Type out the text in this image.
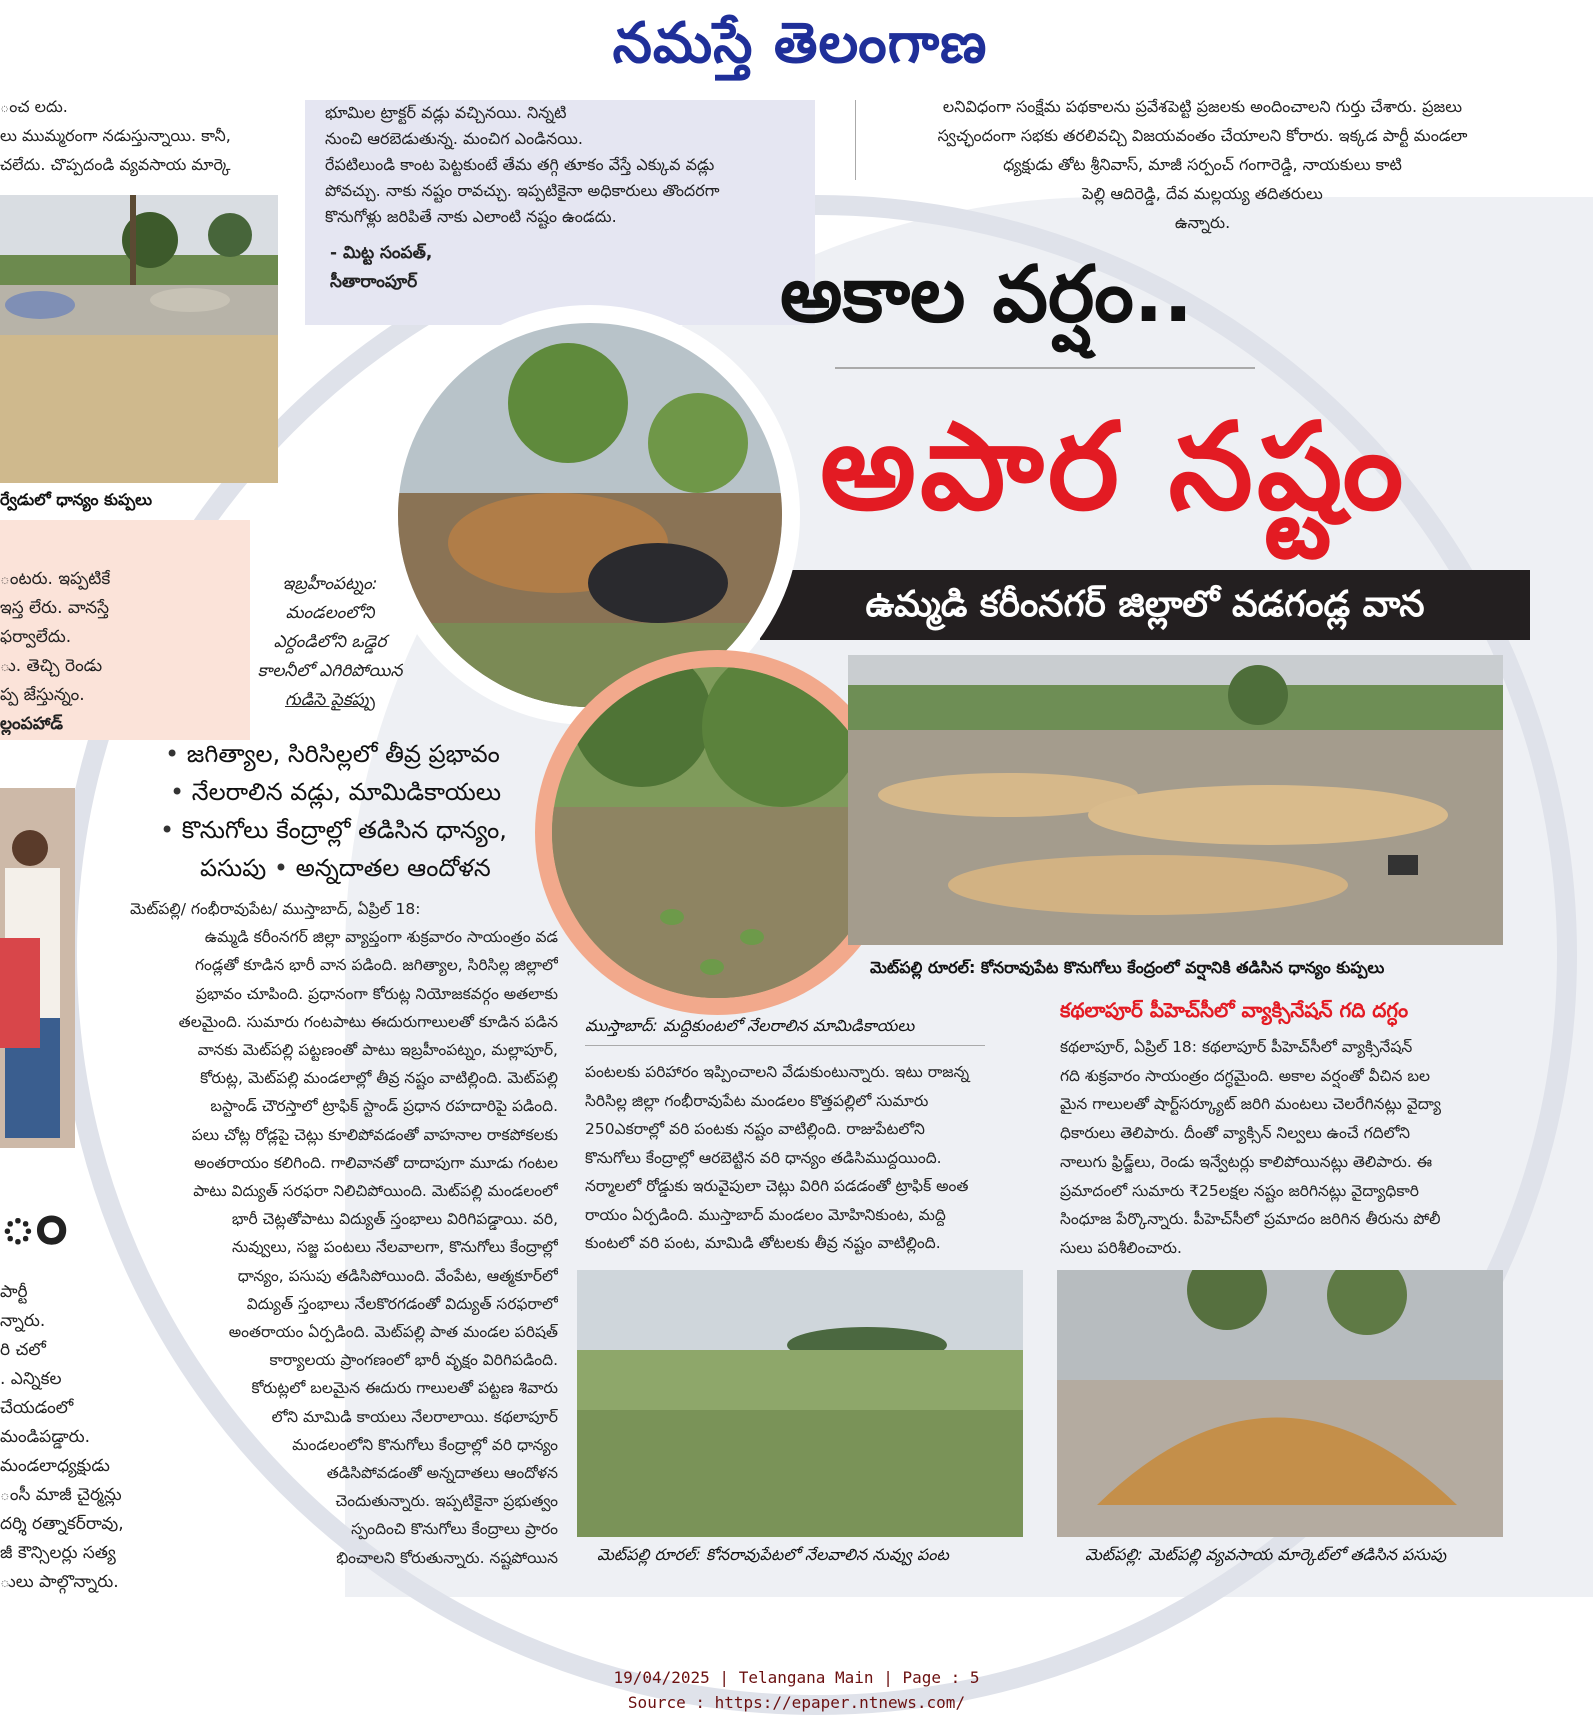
నమస్తే తెలంగాణ

ంచ లదు.

లు ముమ్మరంగా నడుస్తున్నాయి. కానీ,

చలేదు. చొప్పదండి వ్యవసాయ మార్కె

ర్వేడులో ధాన్యం కుప్పలు

ంటరు. ఇప్పటికే

ఇస్త లేరు. వానస్తే

ఫర్వాలేదు.

ు. తెచ్చి రెండు

ప్ప జేస్తున్నం.

ల్లంపహాడ్

ం

పార్టీ

న్నారు.

రి చలో

. ఎన్నికల

చేయడంలో

మండిపడ్డారు.

మండలాధ్యక్షుడు

ంసీ మాజీ చైర్మన్లు

దర్శి రత్నాకర్‌రావు,

జీ కౌన్సిలర్లు సత్య

ులు పాల్గొన్నారు.

భూమిల ట్రాక్టర్ వడ్లు వచ్చినయి. నిన్నటి

నుంచి ఆరబెడుతున్న. మంచిగ ఎండినయి.

రేపటిలుండి కాంట పెట్టకుంటే తేమ తగ్గి తూకం వేస్తే ఎక్కువ వడ్లు

పోవచ్చు. నాకు నష్టం రావచ్చు. ఇప్పటికైనా అధికారులు తొందరగా

కొనుగోళ్లు జరిపితే నాకు ఎలాంటి నష్టం ఉండదు.

- మిట్ట సంపత్,
సీతారాంపూర్

లనివిధంగా సంక్షేమ పథకాలను ప్రవేశపెట్టి ప్రజలకు అందించాలని గుర్తు చేశారు. ప్రజలు

స్వచ్ఛందంగా సభకు తరలివచ్చి విజయవంతం చేయాలని కోరారు. ఇక్కడ పార్టీ మండలా

ధ్యక్షుడు తోట శ్రీనివాస్, మాజీ సర్పంచ్ గంగారెడ్డి, నాయకులు కాటి

పెల్లి ఆదిరెడ్డి, దేవ మల్లయ్య తదితరులు

ఉన్నారు.

అకాల వర్షం..
అపార నష్టం
ఉమ్మడి కరీంనగర్ జిల్లాలో వడగండ్ల వాన
ఇబ్రహీంపట్నం:
మండలంలోని
ఎర్దండిలోని ఒడ్డెర
కాలనీలో ఎగిరిపోయిన
గుడిసె పైకప్పు
• జగిత్యాల, సిరిసిల్లలో తీవ్ర ప్రభావం
• నేలరాలిన వడ్లు, మామిడికాయలు
• కొనుగోలు కేంద్రాల్లో తడిసిన ధాన్యం,
పసుపు • అన్నదాతల ఆందోళన

మెట్‌పల్లి/ గంభీరావుపేట/ ముస్తాబాద్, ఏప్రిల్ 18:

ఉమ్మడి కరీంనగర్ జిల్లా వ్యాప్తంగా శుక్రవారం సాయంత్రం వడ

గండ్లతో కూడిన భారీ వాన పడింది. జగిత్యాల, సిరిసిల్ల జిల్లాలో

ప్రభావం చూపింది. ప్రధానంగా కోరుట్ల నియోజకవర్గం అతలాకు

తలమైంది. సుమారు గంటపాటు ఈదురుగాలులతో కూడిన పడిన

వానకు మెట్‌పల్లి పట్టణంతో పాటు ఇబ్రహీంపట్నం, మల్లాపూర్,

కోరుట్ల, మెట్‌పల్లి మండలాల్లో తీవ్ర నష్టం వాటిల్లింది. మెట్‌పల్లి

బస్టాండ్ చౌరస్తాలో ట్రాఫిక్ స్టాండ్ ప్రధాన రహదారిపై పడింది.

పలు చోట్ల రోడ్లపై చెట్లు కూలిపోవడంతో వాహనాల రాకపోకలకు

అంతరాయం కలిగింది. గాలివానతో దాదాపుగా మూడు గంటల

పాటు విద్యుత్ సరఫరా నిలిచిపోయింది. మెట్‌పల్లి మండలంలో

భారీ చెట్లతోపాటు విద్యుత్ స్తంభాలు విరిగిపడ్డాయి. వరి,

నువ్వులు, సజ్జ పంటలు నేలవాలగా, కొనుగోలు కేంద్రాల్లో

ధాన్యం, పసుపు తడిసిపోయింది. వేంపేట, ఆత్మకూర్‌లో

విద్యుత్ స్తంభాలు నేలకొరగడంతో విద్యుత్ సరఫరాలో

అంతరాయం ఏర్పడింది. మెట్‌పల్లి పాత మండల పరిషత్

కార్యాలయ ప్రాంగణంలో భారీ వృక్షం విరిగిపడింది.

కోరుట్లలో బలమైన ఈదురు గాలులతో పట్టణ శివారు

లోని మామిడి కాయలు నేలరాలాయి. కథలాపూర్

మండలంలోని కొనుగోలు కేంద్రాల్లో వరి ధాన్యం

తడిసిపోవడంతో అన్నదాతలు ఆందోళన

చెందుతున్నారు. ఇప్పటికైనా ప్రభుత్వం

స్పందించి కొనుగోలు కేంద్రాలు ప్రారం

భించాలని కోరుతున్నారు. నష్టపోయిన

ముస్తాబాద్: మద్దికుంటలో నేలరాలిన మామిడికాయలు

పంటలకు పరిహారం ఇప్పించాలని వేడుకుంటున్నారు. ఇటు రాజన్న

సిరిసిల్ల జిల్లా గంభీరావుపేట మండలం కొత్తపల్లిలో సుమారు

250ఎకరాల్లో వరి పంటకు నష్టం వాటిల్లింది. రాజుపేటలోని

కొనుగోలు కేంద్రాల్లో ఆరబెట్టిన వరి ధాన్యం తడిసిముద్దయింది.

నర్మాలలో రోడ్డుకు ఇరువైపులా చెట్లు విరిగి పడడంతో ట్రాఫిక్ అంత

రాయం ఏర్పడింది. ముస్తాబాద్ మండలం మోహినికుంట, మద్ది

కుంటలో వరి పంట, మామిడి తోటలకు తీవ్ర నష్టం వాటిల్లింది.

మెట్‌పల్లి రూరల్: కోనరావుపేట కొనుగోలు కేంద్రంలో వర్షానికి తడిసిన ధాన్యం కుప్పలు
కథలాపూర్ పీహెచ్‌సీలో వ్యాక్సినేషన్ గది దగ్ధం

కథలాపూర్, ఏప్రిల్ 18: కథలాపూర్ పీహెచ్‌సీలో వ్యాక్సినేషన్

గది శుక్రవారం సాయంత్రం దగ్ధమైంది. అకాల వర్షంతో వీచిన బల

మైన గాలులతో షార్ట్‌సర్క్యూట్ జరిగి మంటలు చెలరేగినట్లు వైద్యా

ధికారులు తెలిపారు. దీంతో వ్యాక్సిన్ నిల్వలు ఉంచే గదిలోని

నాలుగు ఫ్రిడ్జ్‌లు, రెండు ఇన్వేటర్లు కాలిపోయినట్లు తెలిపారు. ఈ

ప్రమాదంలో సుమారు ₹25లక్షల నష్టం జరిగినట్లు వైద్యాధికారి

సింధూజ పేర్కొన్నారు. పీహెచ్‌సీలో ప్రమాదం జరిగిన తీరును పోలీ

సులు పరిశీలించారు.

మెట్‌పల్లి రూరల్: కోనరావుపేటలో నేలవాలిన నువ్వు పంట	మెట్‌పల్లి: మెట్‌పల్లి వ్యవసాయ మార్కెట్‌లో తడిసిన పసుపు
19/04/2025 | Telangana Main | Page : 5
Source : https://epaper.ntnews.com/
